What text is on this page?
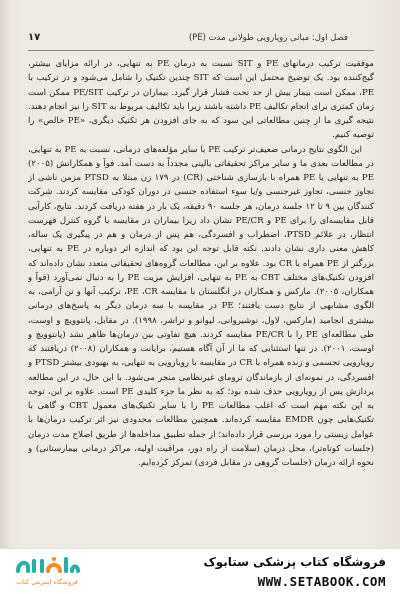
۱۷	فصل اول: مبانی رویارویی طولانی مدت (PE)

موفقیت ترکیب درمانهای PE و SIT نسبت به درمان PE به تنهایی، در ارائه مزایای بیشتر، گیج‌کننده بود. یک توضیح محتمل این است که SIT چندین تکنیک را شامل می‌شود و در ترکیب با PE، ممکن است بیمار بیش از حد تحت فشار قرار گیرد. بیماران در ترکیب PE/SIT ممکن است زمان کمتری برای انجام تکالیف PE داشته باشند زیرا باید تکالیف مربوط به SIT را نیز انجام دهند. نتیجه گیری ما از چنین مطالعاتی این سود که به جای افزودن هر تکنیک دیگری، «PE خالص» را توصیه کنیم.

این الگوی نتایج درمانی ضعیف‌تر ترکیب PE با سایر مؤلفه‌های درمانی، نسبت به PE به تنهایی، در مطالعات بعدی ما و سایر مراکز تحقیقاتی بالینی مجدداً به دست آمد. فوآ و همکارانش (۲۰۰۵) PE به تنهایی با PE همراه با بازسازی شناختی (CR) در ۱۷۹ زن مبتلا به PTSD مزمن ناشی از تجاوز جنسی، تجاوز غیرجنسی و/یا سوء استفاده جنسی در دوران کودکی مقایسه کردند. شرکت کنندگان بین ۹ تا ۱۲ جلسه درمان، هر جلسه ۹۰ دقیقه، یک بار در هفته دریافت کردند. نتایج، کارآیی قابل مقایسه‌ای را برای PE و PE/CR نشان داد زیرا بیماران در مقایسه با گروه کنترل فهرست انتظار، در علائم PTSD، اضطراب و افسردگی، هم پس از درمان و هم در پیگیری یک ساله، کاهش معنی داری نشان دادند. نکته قابل توجه این بود که اندازه اثر دوباره در PE به تنهایی، بزرگتر از PE همراه با CR بود. علاوه بر این، مطالعات گروه‌های تحقیقاتی متعدد نشان داده‌اند که افزودن تکنیک‌های مختلف CBT به PE به تنهایی، افزایش مزیت PE را به دنبال نمی‌آورد (فوآ و همکاران، ۲۰۰۵). مارکس و همکاران در انگلستان با مقایسه PE ،CR، ترکیب آنها و تن آرامی، به الگوی مشابهی از نتایج دست یافتند؛ PE در مقایسه با سه درمان دیگر به پاسخ‌های درمانی بیشتری انجامید (مارکس، لاول، نوشیروانی، لیوانو و تراشر، ۱۹۹۸). در مقابل، پانتوویچ و اوست، طی مطالعه‌ای PE را با PE/CR مقایسه کردند. هیچ تفاوتی بین درمان‌ها ظاهر نشد (پانتوویچ و اوست، ۲۰۰۱). در تنها استثنایی که ما از آن آگاه هستیم، برایانت و همکاران (۲۰۰۸) دریافتند که رویارویی تجسمی و زنده همراه با CR در مقایسه با رویارویی به تنهایی، به بهبودی بیشتر PTSD و افسردگی، در نمونه‌ای از بازماندگان ترومای غیرنظامی منجر می‌شود. با این حال، در این مطالعه پردازش پس از رویارویی حذف شده بود؛ که به نظر ما جزء کلیدی PE است. علاوه بر این، توجه به این نکته مهم است که اغلب مطالعات PE را با سایر تکنیک‌های معمول CBT و گاهی با تکنیک‌هایی چون EMDR مقایسه کرده‌اند. همچنین مطالعات محدودی نیز اثر ترکیب درمان‌ها با عوامل زیستی را مورد بررسی قرار داده‌اند؛ از جمله تطبیق مداخله‌ها از طریق اصلاح مدت درمان (جلسات کوتاه‌تر)، محل درمان (سلامت از راه دور، مراقبت اولیه، مراکز درمانی بیمارستانی) و نحوه ارائه درمان (جلسات گروهی در مقابل فردی) تمرکز کرده‌ایم.

فروشگاه اینترنتی کتاب
فروشگاه کتاب پزشکی ستابوک
WWW.SETABOOK.COM
